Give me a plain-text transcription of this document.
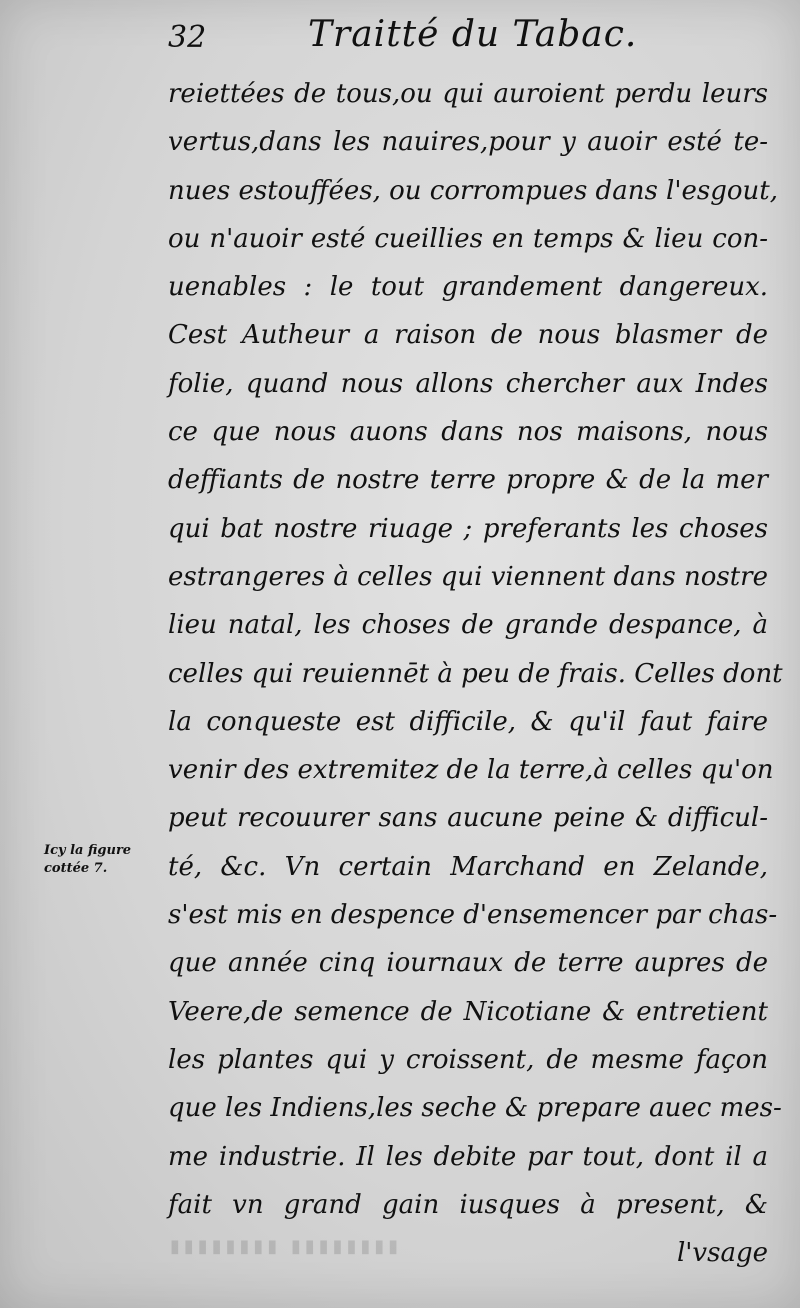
32	Traitté du Tabac.
Icy la figure
cottée 7.
reiettées de tous,ou qui auroient perdu leurs
vertus,dans les nauires,pour y auoir esté te-
nues estouffées, ou corrompues dans l'esgout,
ou n'auoir esté cueillies en temps & lieu con-
uenables : le tout grandement dangereux.
Cest Autheur a raison de nous blasmer de
folie, quand nous allons chercher aux Indes
ce que nous auons dans nos maisons, nous
deffiants de nostre terre propre & de la mer
qui bat nostre riuage ; preferants les choses
estrangeres à celles qui viennent dans nostre
lieu natal, les choses de grande despance, à
celles qui reuiennēt à peu de frais. Celles dont
la conqueste est difficile, & qu'il faut faire
venir des extremitez de la terre,à celles qu'on
peut recouurer sans aucune peine & difficul-
té, &c. Vn certain Marchand en Zelande,
s'est mis en despence d'ensemencer par chas-
que année cinq iournaux de terre aupres de
Veere,de semence de Nicotiane & entretient
les plantes qui y croissent, de mesme façon
que les Indiens,les seche & prepare auec mes-
me industrie. Il les debite par tout, dont il a
fait vn grand gain iusques à present, &
l'vsage
▮▮▮▮▮▮▮▮ ▮▮▮▮▮▮▮▮
